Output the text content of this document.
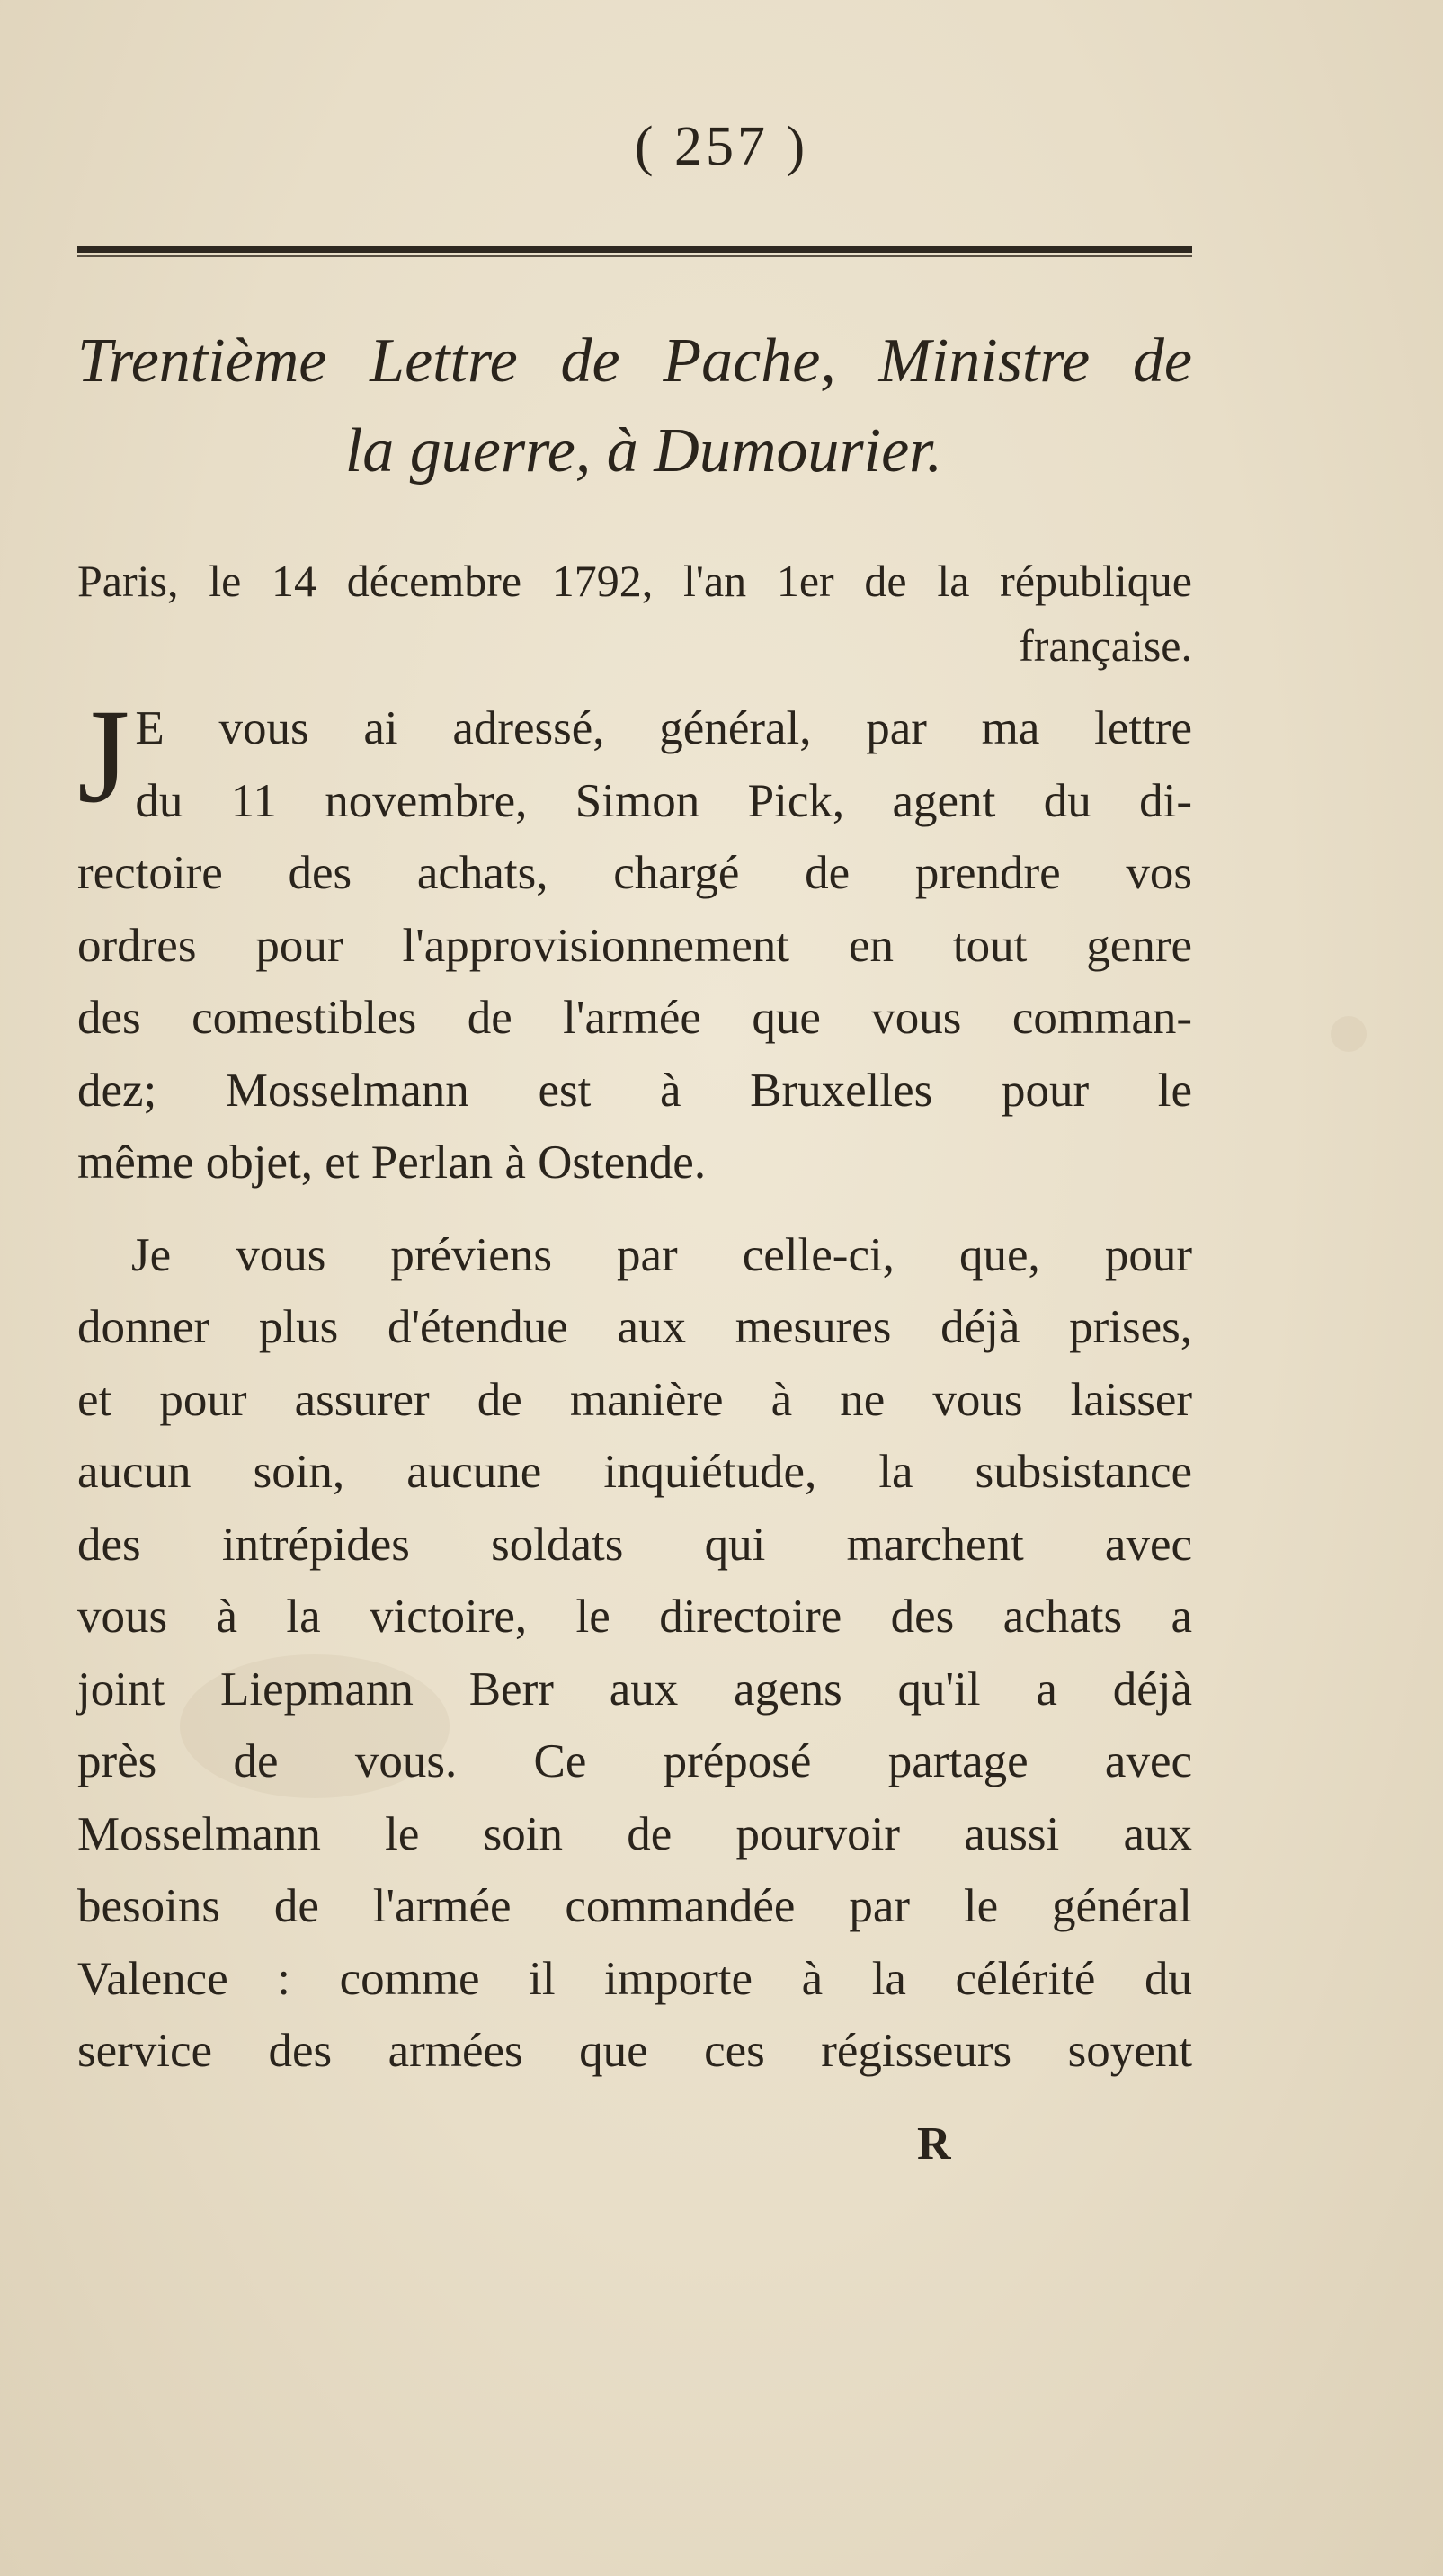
( 257 )
Trentième Lettre de Pache, Ministre de
la guerre, à Dumourier.
Paris, le 14 décembre 1792, l'an 1er de la république
française.
J E vous ai adressé, général, par ma lettre
du 11 novembre, Simon Pick, agent du di-
rectoire des achats, chargé de prendre vos
ordres pour l'approvisionnement en tout genre
des comestibles de l'armée que vous comman-
dez; Mosselmann est à Bruxelles pour le
même objet, et Perlan à Ostende.
Je vous préviens par celle-ci, que, pour
donner plus d'étendue aux mesures déjà prises,
et pour assurer de manière à ne vous laisser
aucun soin, aucune inquiétude, la subsistance
des intrépides soldats qui marchent avec
vous à la victoire, le directoire des achats a
joint Liepmann Berr aux agens qu'il a déjà
près de vous. Ce préposé partage avec
Mosselmann le soin de pourvoir aussi aux
besoins de l'armée commandée par le général
Valence : comme il importe à la célérité du
service des armées que ces régisseurs soyent
R
